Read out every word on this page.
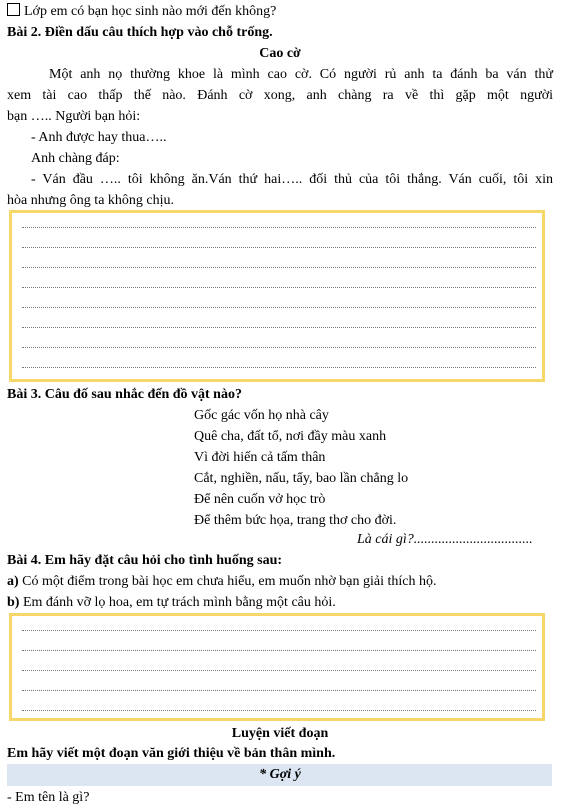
Lớp em có bạn học sinh nào mới đến không?
Bài 2. Điền dấu câu thích hợp vào chỗ trống.
Cao cờ
Một anh nọ thường khoe là mình cao cờ. Có người rủ anh ta đánh ba ván thử
xem tài cao thấp thế nào. Đánh cờ xong, anh chàng ra về thì gặp một người
bạn ….. Người bạn hỏi:
- Anh được hay thua…..
Anh chàng đáp:
- Ván đầu ….. tôi không ăn.Ván thứ hai….. đối thủ của tôi thắng. Ván cuối, tôi xin
hòa nhưng ông ta không chịu.
Bài 3. Câu đố sau nhắc đến đồ vật nào?
Gốc gác vốn họ nhà cây
Quê cha, đất tổ, nơi đầy màu xanh
Vì đời hiến cả tấm thân
Cắt, nghiền, nấu, tẩy, bao lần chẳng lo
Để nên cuốn vở học trò
Để thêm bức họa, trang thơ cho đời.
Là cái gì?..................................
Bài 4. Em hãy đặt câu hỏi cho tình huống sau:
a) Có một điểm trong bài học em chưa hiểu, em muốn nhờ bạn giải thích hộ.
b) Em đánh vỡ lọ hoa, em tự trách mình bằng một câu hỏi.
Luyện viết đoạn
Em hãy viết một đoạn văn giới thiệu về bản thân mình.
* Gợi ý
- Em tên là gì?
